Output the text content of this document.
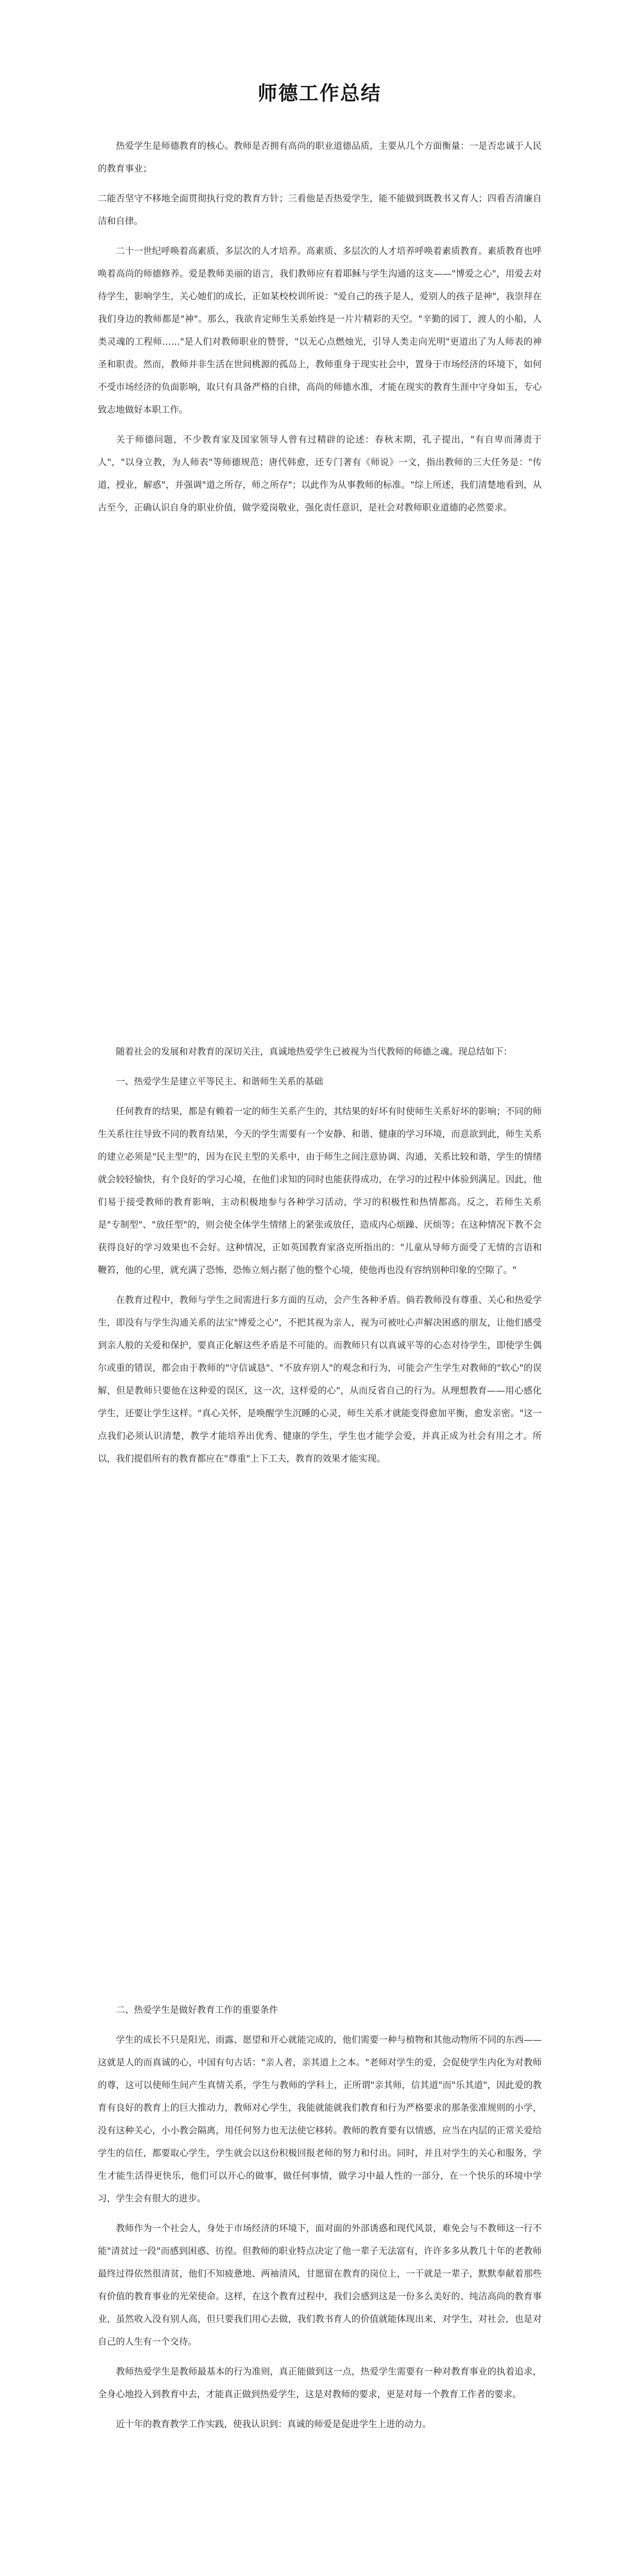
师德工作总结

热爱学生是师德教育的核心。教师是否拥有高尚的职业道德品质，主要从几个方面衡量：一是否忠诚于人民的教育事业；

二能否坚守不移地全面贯彻执行党的教育方针；三看他是否热爱学生，能不能做到既教书又育人；四看否清廉自洁和自律。

二十一世纪呼唤着高素质、多层次的人才培养。高素质、多层次的人才培养呼唤着素质教育。素质教育也呼唤着高尚的师德修养。爱是教师美丽的语言，我们教师应有着耶稣与学生沟通的这支——"博爱之心"，用爱去对待学生，影响学生，关心她们的成长，正如某校校训所说："爱自己的孩子是人，爱别人的孩子是神"，我崇拜在我们身边的教师都是"神"。那么，我欲肯定师生关系始终是一片片精彩的天空。"辛勤的园丁，渡人的小船，人类灵魂的工程师……"是人们对教师职业的赞誉，"以无心点燃烛光，引导人类走向光明"更道出了为人师表的神圣和职责。然而，教师并非生活在世间桃源的孤岛上，教师重身于现实社会中，置身于市场经济的环境下，如何不受市场经济的负面影响，取只有具备严格的自律，高尚的师德水准，才能在现实的教育生涯中守身如玉，专心致志地做好本职工作。

关于师德问题，不少教育家及国家领导人曾有过精辟的论述：春秋末期，孔子提出，"有自卑而薄责于人"，"以身立教，为人师表"等师德规范；唐代韩愈，还专门著有《师说》一文，指出教师的三大任务是："传道，授业，解惑"，并强调"道之所存，师之所存"；以此作为从事教师的标准。"综上所述，我们清楚地看到，从古至今，正确认识自身的职业价值，做学爱岗敬业，强化责任意识，是社会对教师职业道德的必然要求。

随着社会的发展和对教育的深切关注，真诚地热爱学生已被视为当代教师的师德之魂。现总结如下：

一、热爱学生是建立平等民主、和谐师生关系的基础

任何教育的结果，都是有赖着一定的师生关系产生的，其结果的好坏有时使师生关系好坏的影响；不同的师生关系往往导致不同的教育结果，今天的学生需要有一个安静、和谐、健康的学习环境，而意欲到此，师生关系的建立必须是"民主型"的，因为在民主型的关系中，由于师生之间注意协调、沟通，关系比较和谐，学生的情绪就会较轻愉快，有个良好的学习心境，在他们求知的同时也能获得成功，在学习的过程中体验到满足。因此，他们易于接受教师的教育影响，主动积极地参与各种学习活动，学习的积极性和热情都高。反之，若师生关系是"专制型"、"放任型"的，则会使全体学生情绪上的紧张或放任，造成内心烦躁、厌烦等；在这种情况下教不会获得良好的学习效果也不会好。这种情况，正如英国教育家洛克所指出的："儿童从导师方面受了无情的言语和鞭笞，他的心里，就充满了恐怖，恐怖立刻占据了他的整个心境，使他再也没有容纳别种印象的空隙了。"

在教育过程中，教师与学生之间需进行多方面的互动，会产生各种矛盾。倘若教师没有尊重、关心和热爱学生，即没有与学生沟通关系的法宝"博爱之心"，不把其视为亲人，视为可被吐心声解决困惑的朋友，让他们感受到亲人般的关爱和保护，要真正化解这些矛盾是不可能的。而教师只有以真诚平等的心态对待学生，即使学生偶尔或重的错误，都会由于教师的"守信诚恳"、"不放弃别人"的观念和行为，可能会产生学生对教师的"软心"的误解，但是教师只要他在这种爱的误区，这一次，这样爱的心"，从而反省自己的行为。从理想教育——用心感化学生，还要让学生这样。"真心关怀，是唤醒学生沉睡的心灵，师生关系才就能变得愈加平衡，愈发亲密。"这一点我们必须认识清楚，教学才能培养出优秀、健康的学生，学生也才能学会爱，并真正成为社会有用之才。所以，我们提倡所有的教育都应在"尊重"上下工夫，教育的效果才能实现。

二、热爱学生是做好教育工作的重要条件

学生的成长不只是阳光、雨露、愿望和开心就能完成的，他们需要一种与植物和其他动物所不同的东西——这就是人的而真诚的心，中国有句古话："亲人者，亲其道上之本。"老师对学生的爱，会促使学生内化为对教师的尊，这可以使师生间产生真情关系，学生与教师的学科上，正所谓"亲其师，信其道"而"乐其道"，因此爱的教育有良好的教育上的巨大推动力，教师对心学生，我能就能就我们教育和行为严格要求的那条张准规则的小学，没有这种关心，小小教会隔离，用任何努力也无法使它移转。教师的教育要有以情感，应当在内层的正常关爱给学生的信任，都要取心学生，学生就会以这份积极回报老师的努力和付出。同时，并且对学生的关心和服务，学生才能生活得更快乐，他们可以开心的做事，做任何事情，做学习中最人性的一部分，在一个快乐的环境中学习，学生会有很大的进步。

教师作为一个社会人，身处于市场经济的环境下，面对面的外部诱惑和现代风景，难免会与不教师这一行不能"清贫过一段"而感到困惑、彷徨。但教师的职业特点决定了他一辈子无法富有，许许多多从教几十年的老教师最终过得依然很清贫，他们不知疲惫地、两袖清风，甘愿留在教育的岗位上，一干就是一辈子，默默奉献着那些有价值的教育事业的光荣使命。这样，在这个教育过程中，我们会感到这是一份多么美好的、纯洁高尚的教育事业，虽然收入没有别人高，但只要我们用心去做，我们教书育人的价值就能体现出来，对学生，对社会，也是对自己的人生有一个交待。

教师热爱学生是教师最基本的行为准则，真正能做到这一点，热爱学生需要有一种对教育事业的执着追求，全身心地投入到教育中去，才能真正做到热爱学生，这是对教师的要求，更是对每一个教育工作者的要求。

近十年的教育教学工作实践，使我认识到：真诚的师爱是促进学生上进的动力。
